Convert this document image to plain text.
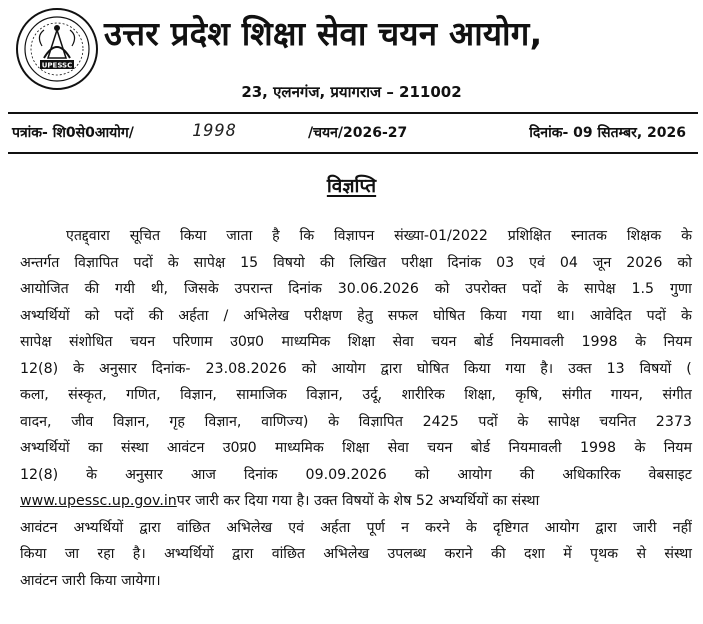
UPESSC
उत्तर प्रदेश शिक्षा सेवा चयन आयोग,
23, एलनगंज, प्रयागराज – 211002
पत्रांक- शि0से0आयोग/	1998	/चयन/2026-27	दिनांक- 09 सितम्बर, 2026
विज्ञप्ति
एतद्द्वारा सूचित किया जाता है कि विज्ञापन संख्या-01/2022 प्रशिक्षित स्नातक शिक्षक के
अन्तर्गत विज्ञापित पदों के सापेक्ष 15 विषयो की लिखित परीक्षा दिनांक 03 एवं 04 जून 2026 को
आयोजित की गयी थी, जिसके उपरान्त दिनांक 30.06.2026 को उपरोक्त पदों के सापेक्ष 1.5 गुणा
अभ्यर्थियों को पदों की अर्हता / अभिलेख परीक्षण हेतु सफल घोषित किया गया था। आवेदित पदों के
सापेक्ष संशोधित चयन परिणाम उ0प्र0 माध्यमिक शिक्षा सेवा चयन बोर्ड नियमावली 1998 के नियम
12(8) के अनुसार दिनांक- 23.08.2026 को आयोग द्वारा घोषित किया गया है। उक्त 13 विषयों (
कला, संस्कृत, गणित, विज्ञान, सामाजिक विज्ञान, उर्दू, शारीरिक शिक्षा, कृषि, संगीत गायन, संगीत
वादन, जीव विज्ञान, गृह विज्ञान, वाणिज्य) के विज्ञापित 2425 पदों के सापेक्ष चयनित 2373
अभ्यर्थियों का संस्था आवंटन उ0प्र0 माध्यमिक शिक्षा सेवा चयन बोर्ड नियमावली 1998 के नियम
12(8) के अनुसार आज दिनांक 09.09.2026 को आयोग की अधिकारिक वेबसाइट
www.upessc.up.gov.in पर जारी कर दिया गया है। उक्त विषयों के शेष 52 अभ्यर्थियों का संस्था
आवंटन अभ्यर्थियों द्वारा वांछित अभिलेख एवं अर्हता पूर्ण न करने के दृष्टिगत आयोग द्वारा जारी नहीं
किया जा रहा है। अभ्यर्थियों द्वारा वांछित अभिलेख उपलब्ध कराने की दशा में पृथक से संस्था
आवंटन जारी किया जायेगा।
